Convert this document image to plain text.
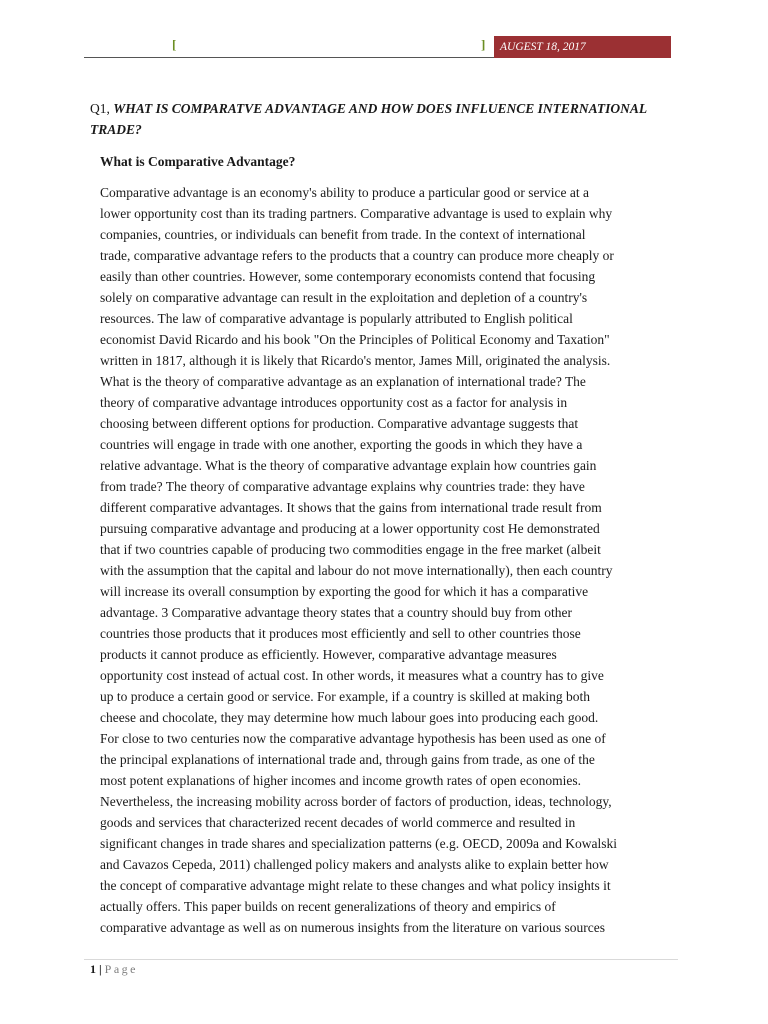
[	]	AUGEST 18, 2017
Q1, WHAT IS COMPARATVE ADVANTAGE AND HOW DOES INFLUENCE INTERNATIONAL TRADE?
What is Comparative Advantage?
Comparative advantage is an economy's ability to produce a particular good or service at a
lower opportunity cost than its trading partners. Comparative advantage is used to explain why
companies, countries, or individuals can benefit from trade. In the context of international
trade, comparative advantage refers to the products that a country can produce more cheaply or
easily than other countries. However, some contemporary economists contend that focusing
solely on comparative advantage can result in the exploitation and depletion of a country's
resources. The law of comparative advantage is popularly attributed to English political
economist David Ricardo and his book "On the Principles of Political Economy and Taxation"
written in 1817, although it is likely that Ricardo's mentor, James Mill, originated the analysis.
What is the theory of comparative advantage as an explanation of international trade? The
theory of comparative advantage introduces opportunity cost as a factor for analysis in
choosing between different options for production. Comparative advantage suggests that
countries will engage in trade with one another, exporting the goods in which they have a
relative advantage. What is the theory of comparative advantage explain how countries gain
from trade? The theory of comparative advantage explains why countries trade: they have
different comparative advantages. It shows that the gains from international trade result from
pursuing comparative advantage and producing at a lower opportunity cost He demonstrated
that if two countries capable of producing two commodities engage in the free market (albeit
with the assumption that the capital and labour do not move internationally), then each country
will increase its overall consumption by exporting the good for which it has a comparative
advantage. 3 Comparative advantage theory states that a country should buy from other
countries those products that it produces most efficiently and sell to other countries those
products it cannot produce as efficiently. However, comparative advantage measures
opportunity cost instead of actual cost. In other words, it measures what a country has to give
up to produce a certain good or service. For example, if a country is skilled at making both
cheese and chocolate, they may determine how much labour goes into producing each good.
For close to two centuries now the comparative advantage hypothesis has been used as one of
the principal explanations of international trade and, through gains from trade, as one of the
most potent explanations of higher incomes and income growth rates of open economies.
Nevertheless, the increasing mobility across border of factors of production, ideas, technology,
goods and services that characterized recent decades of world commerce and resulted in
significant changes in trade shares and specialization patterns (e.g. OECD, 2009a and Kowalski
and Cavazos Cepeda, 2011) challenged policy makers and analysts alike to explain better how
the concept of comparative advantage might relate to these changes and what policy insights it
actually offers. This paper builds on recent generalizations of theory and empirics of
comparative advantage as well as on numerous insights from the literature on various sources
1 | Page
